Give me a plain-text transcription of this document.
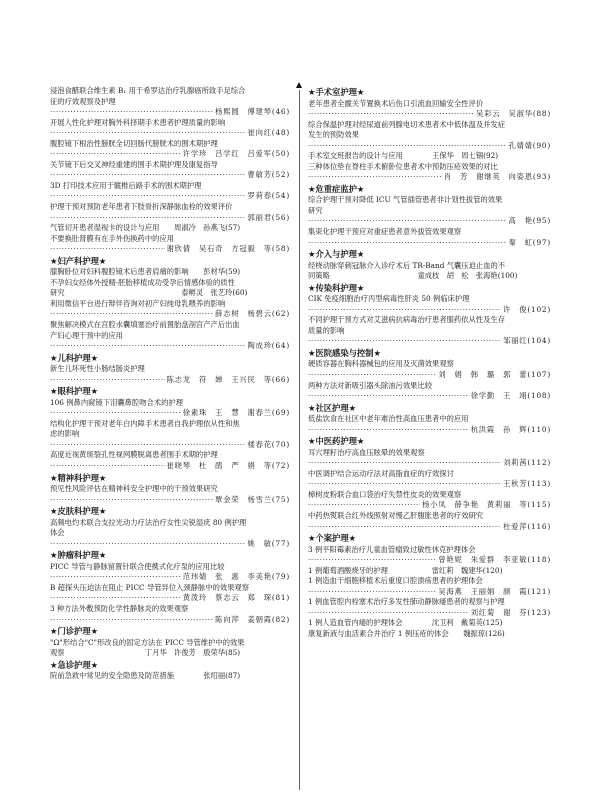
浸泡食醋联合维生素 B₁ 用于希罗达治疗乳腺癌所致手足综合
征的疗效观察及护理
·····
杨熙圆　傅建琴(46)
开展人性化护理对胸外科择期手术患者护理质量的影响
·····
崔向红(48)
腹腔镜下根治性膀胱全切回肠代膀胱术的围术期护理
·····
许学珍　吕学红　吕爱军(50)
关节镜下后交叉神经重建的围手术期护理及康复指导
·····
曹敏芳(52)
3D 打印技术应用于髋椎后路手术的围术期护理
·····
罗荷春(54)
护理干预对预防老年患者下肢骨折深静脉血栓的效果评价
·····
郭丽君(56)
气管切开患者湿视卡的设计与应用　　周淑冷　孙燕飞(57)
不要换肚肾膜有在手外伤换药中的应用
·····
谢欣倩　吴石奇　方冠毅　等(58)
★妇产科护理★
膝胸卧位对妇科腹腔镜术后患者肩痛的影响　　彭材华(59)
不孕妇女经体外授精-胚胎移植成功受孕后情感体验的质性
研究　　　　　　　　　　　　　　　　泰孵灵　张艺玲(60)
利用微信平台进行辩伴咨询对初产妇纯母乳喂养的影响
·····
薛志树　杨碧云(62)
聚焦解决模式在宫腔水囊填塞治疗前置胎盘剖宫产产后出血
产妇心理干预中的应用
·····
陶成珍(64)
★儿科护理★
新生儿坏死性小肠结肠炎护理
·····
陈志龙　符　婵　王兴民　等(66)
★眼科护理★
106 例鼻内窥镜下泪囊鼻腔吻合术的护理
·····
徐素珠　王　慧　谢春兰(69)
结构化护理干预对老年白内障手术患者自我护理依从性和焦
虑的影响
·····
楼春花(70)
高度近视黄斑裂孔性视网膜脱离患者围手术期的护理
·····
崔晓琴　杜　鹃　严　娟　等(72)
★精神科护理★
预见性风险评估在精神科安全护理中的干预效果研究
·····
覃金荣　杨雪兰(75)
★皮肤科护理★
高频电灼术联合支拉光动力疗法治疗女性尖锐湿疣 80 例护理
体会
·····
姚　敏(77)
★肿瘤科护理★
PICC 导管与静脉留置针联合使携式化疗泵的应用比较
·····
范玮婧　张　惠　李美艳(79)
B 超探头压迫法在阻止 PICC 导管异位入颈静脉中的效果观察
·····
黄泼玲　蔡志云　郑　琛(81)
3 种方法外敷预防化学性静脉炎的效果观察
·····
陈向萍　姜朝霞(82)
★门诊护理★
"Ω"形结合"C"形改良的固定方法在 PICC 导管维护中的效果
观察　　　　　　　　　　　丁月华　许俊芳　殷荣华(85)
★急诊护理★
院前急救中常见的安全隐患及防范措施　　　　张绍丽(87)
★手术室护理★
老年患者全髋关节置换术后伤口引流血回输安全性评价
·····
吴彩云　吴淑华(88)
综合保温护理对经尿道前列腺电切术患者术中低体温及并发症
发生的预防效果
·····
孔婧婧(90)
手术室交班报告的设计与应用　　　　王保华　周七锢(92)
三种体位垫在脊柱手术俯卧位患者术中预防压疮效果的对比
·····
肖　芳　谢继英　向姿恩(93)
★危重症监护★
综合护理干预对降低 ICU 气管插管患者非计划性拔管的效果
研究
·····
高　艳(95)
集束化护理干预应对重症患者意外拔管效果观察
·····
秦　虹(97)
★介入与护理★
经桡动脉穿刺冠脉介入诊疗术后 TR-Band 气囊压迫止血的不
同策略　　　　　　　　　　　　童成枝　胡　松　张海艳(100)
★传染科护理★
CIK 免疫细胞治疗丙型病毒性肝炎 50 例临床护理
·····
许　俊(102)
不同护理干预方式对艾滋病抗病毒治疗患者服药依从性及生存
质量的影响
·····
邹丽红(104)
★医院感染与控制★
硬质容器在胸科器械包的应用及灭菌效果观察
·····
刘　娟　韩　璐　郭　蕾(107)
两种方法对新吸引器头除油污效果比较
·····
徐学勤　王　翊(108)
★社区护理★
低盐饮食在社区中老年难治性高血压患者中的应用
·····
杭洪霞　孙　辉(110)
★中医药护理★
耳穴埋籽治疗高血压眩晕的效果观察
·····
刘莉茜(112)
中医调护结合运动疗法对高脂血症的疗效探讨
·····
王秋芳(113)
樟树皮粉联合血口袋治疗失禁性皮炎的效果观察
·····
杨小凤　薛争艳　黄莉丽　等(115)
中药热熨联合红外线照射对慢乙肝腹胀患者的疗效研究
·····
杜爱萍(116)
★个案护理★
3 例平阳霉素治疗儿童血管瘤致过敏性休克护理体会
·····
曾艳妮　朱爱群　李亚敏(118)
1 例葡萄酒酸烧牙的护理　　　　　　雷红莉　魏建华(120)
1 例造血干细胞移植术后重度口腔溃疡患者的护理体会
·····
吴海燕　王丽娟　颜　霞(121)
1 例血管腔内栓塞术治疗多发性肺动静脉瘘患者的观察与护理
·····
刘红菊　谢　芬(123)
1 例人造血管内瘘的护理体会　　　　沈卫利　戴菊英(125)
康复新液与血活素合并治疗 1 例压疮的体会　　魏振琼(126)
